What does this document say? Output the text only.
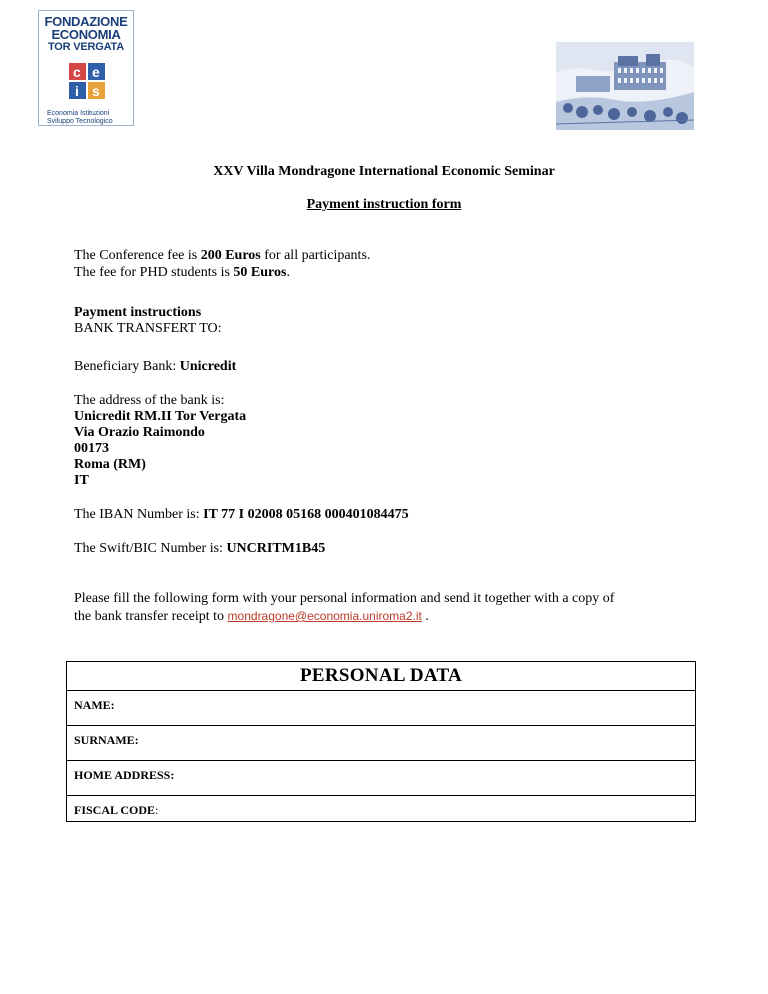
FONDAZIONE
ECONOMIA
TOR VERGATA
c e
i s
Economia Istituzioni
Sviluppo Tecnologico
XXV Villa Mondragone International Economic Seminar
Payment instruction form
The Conference fee is 200 Euros for all participants.
The fee for PHD students is 50 Euros.
Payment instructions
BANK TRANSFERT TO:
Beneficiary Bank: Unicredit
The address of the bank is:
Unicredit RM.II Tor Vergata
Via Orazio Raimondo
00173
Roma (RM)
IT
The IBAN Number is: IT 77 I 02008 05168 000401084475
The Swift/BIC Number is: UNCRITM1B45
Please fill the following form with your personal information and send it together with a copy of
the bank transfer receipt to mondragone@economia.uniroma2.it .
PERSONAL DATA
NAME:
SURNAME:
HOME ADDRESS:
FISCAL CODE:
